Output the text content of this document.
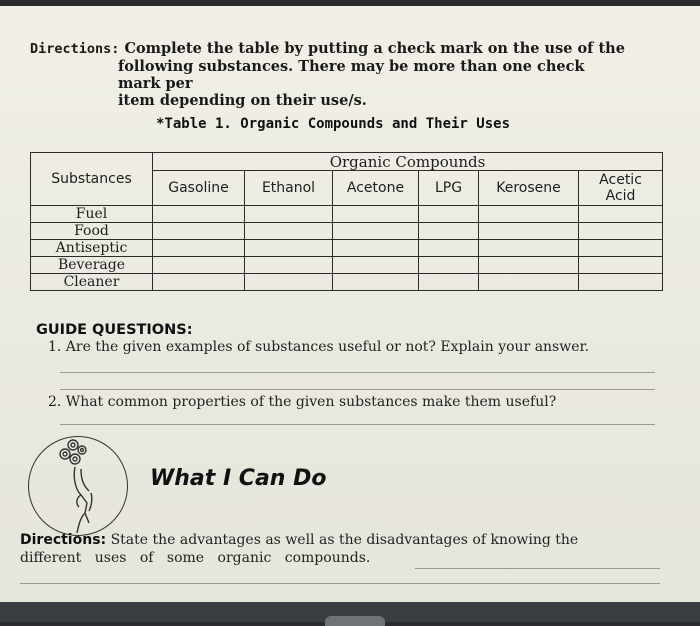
Directions: Complete the table by putting a check mark on the use of the
following substances. There may be more than one check mark per
item depending on their use/s.
*Table 1. Organic Compounds and Their Uses
Substances	Organic Compounds					
	Gasoline	Ethanol	Acetone	LPG	Kerosene	Acetic Acid
Fuel						
Food						
Antiseptic						
Beverage						
Cleaner						
GUIDE QUESTIONS:
1. Are the given examples of substances useful or not? Explain your answer.
2. What common properties of the given substances make them useful?
What I Can Do
Directions: State the advantages as well as the disadvantages of knowing the
different uses of some organic compounds.
